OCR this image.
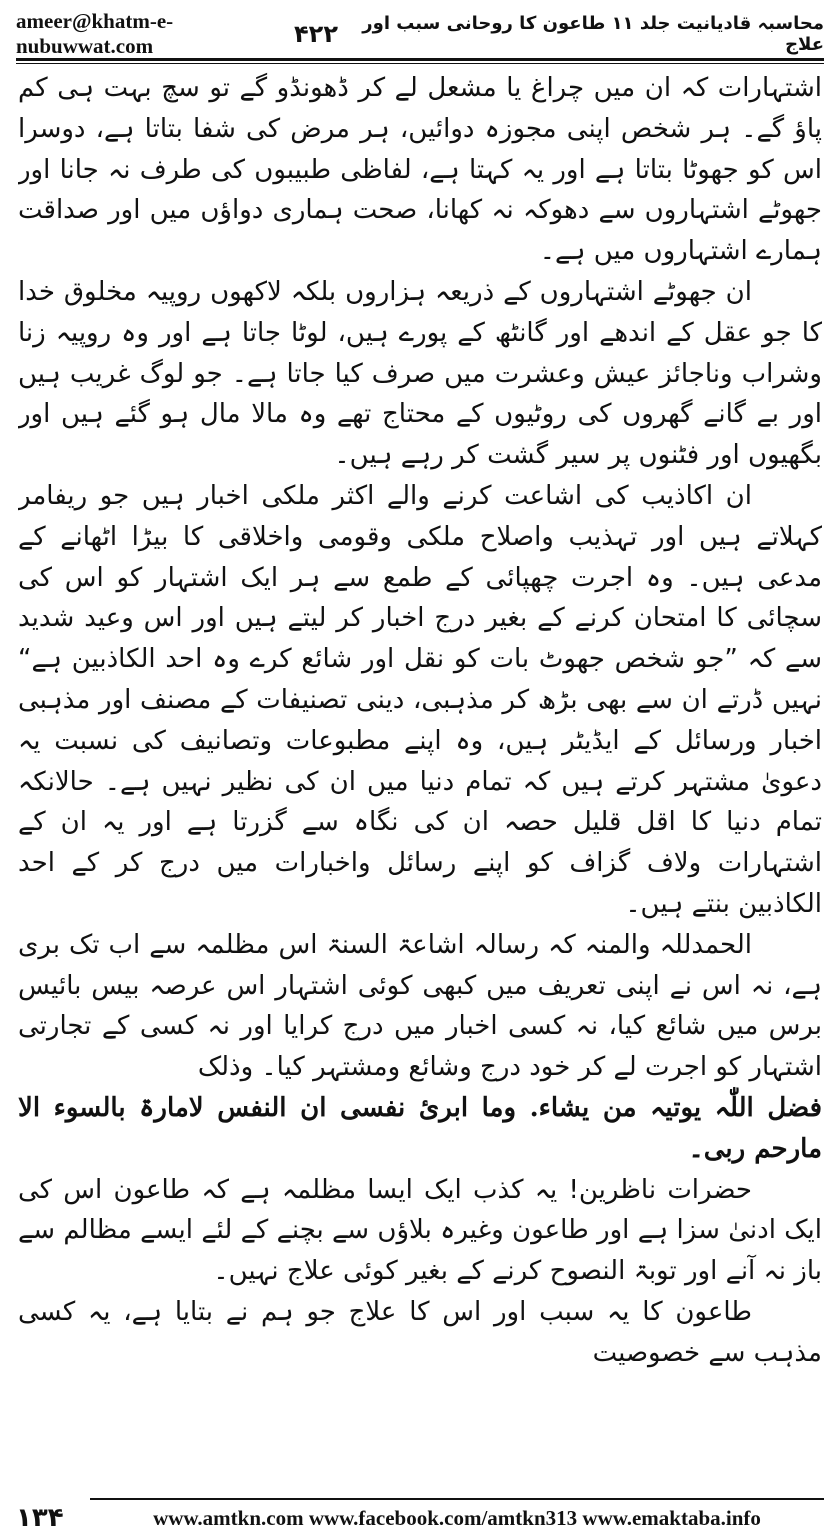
ameer@khatm-e-nubuwwat.com
محاسبہ قادیانیت جلد ۱۱ طاعون کا روحانی سبب اور علاج
۴۲۲

اشتہارات کہ ان میں چراغ یا مشعل لے کر ڈھونڈو گے تو سچ بہت ہی کم پاؤ گے۔ ہر شخص اپنی مجوزہ دوائیں، ہر مرض کی شفا بتاتا ہے، دوسرا اس کو جھوٹا بتاتا ہے اور یہ کہتا ہے، لفاظی طبیبوں کی طرف نہ جانا اور جھوٹے اشتہاروں سے دھوکہ نہ کھانا، صحت ہماری دواؤں میں اور صداقت ہمارے اشتہاروں میں ہے۔

ان جھوٹے اشتہاروں کے ذریعہ ہزاروں بلکہ لاکھوں روپیہ مخلوق خدا کا جو عقل کے اندھے اور گانٹھ کے پورے ہیں، لوٹا جاتا ہے اور وہ روپیہ زنا وشراب وناجائز عیش وعشرت میں صرف کیا جاتا ہے۔ جو لوگ غریب ہیں اور بے گانے گھروں کی روٹیوں کے محتاج تھے وہ مالا مال ہو گئے ہیں اور بگھیوں اور فٹنوں پر سیر گشت کر رہے ہیں۔

ان اکاذیب کی اشاعت کرنے والے اکثر ملکی اخبار ہیں جو ریفامر کہلاتے ہیں اور تہذیب واصلاح ملکی وقومی واخلاقی کا بیڑا اٹھانے کے مدعی ہیں۔ وہ اجرت چھپائی کے طمع سے ہر ایک اشتہار کو اس کی سچائی کا امتحان کرنے کے بغیر درج اخبار کر لیتے ہیں اور اس وعید شدید سے کہ ”جو شخص جھوٹ بات کو نقل اور شائع کرے وہ احد الکاذبین ہے“ نہیں ڈرتے ان سے بھی بڑھ کر مذہبی، دینی تصنیفات کے مصنف اور مذہبی اخبار ورسائل کے ایڈیٹر ہیں، وہ اپنے مطبوعات وتصانیف کی نسبت یہ دعویٰ مشتہر کرتے ہیں کہ تمام دنیا میں ان کی نظیر نہیں ہے۔ حالانکہ تمام دنیا کا اقل قلیل حصہ ان کی نگاہ سے گزرتا ہے اور یہ ان کے اشتہارات ولاف گزاف کو اپنے رسائل واخبارات میں درج کر کے احد الکاذبین بنتے ہیں۔

الحمدللہ والمنہ کہ رسالہ اشاعۃ السنۃ اس مظلمہ سے اب تک بری ہے، نہ اس نے اپنی تعریف میں کبھی کوئی اشتہار اس عرصہ بیس بائیس برس میں شائع کیا، نہ کسی اخبار میں درج کرایا اور نہ کسی کے تجارتی اشتہار کو اجرت لے کر خود درج وشائع ومشتہر کیا۔ وذلک

فضل اللّٰہ یوتیہ من یشاء. وما ابرئ نفسی ان النفس لامارۃ بالسوء الا مارحم ربی۔

حضرات ناظرین! یہ کذب ایک ایسا مظلمہ ہے کہ طاعون اس کی ایک ادنیٰ سزا ہے اور طاعون وغیرہ بلاؤں سے بچنے کے لئے ایسے مظالم سے باز نہ آنے اور توبۃ النصوح کرنے کے بغیر کوئی علاج نہیں۔

طاعون کا یہ سبب اور اس کا علاج جو ہم نے بتایا ہے، یہ کسی مذہب سے خصوصیت

۱۳۴	www.amtkn.com www.facebook.com/amtkn313 www.emaktaba.info
